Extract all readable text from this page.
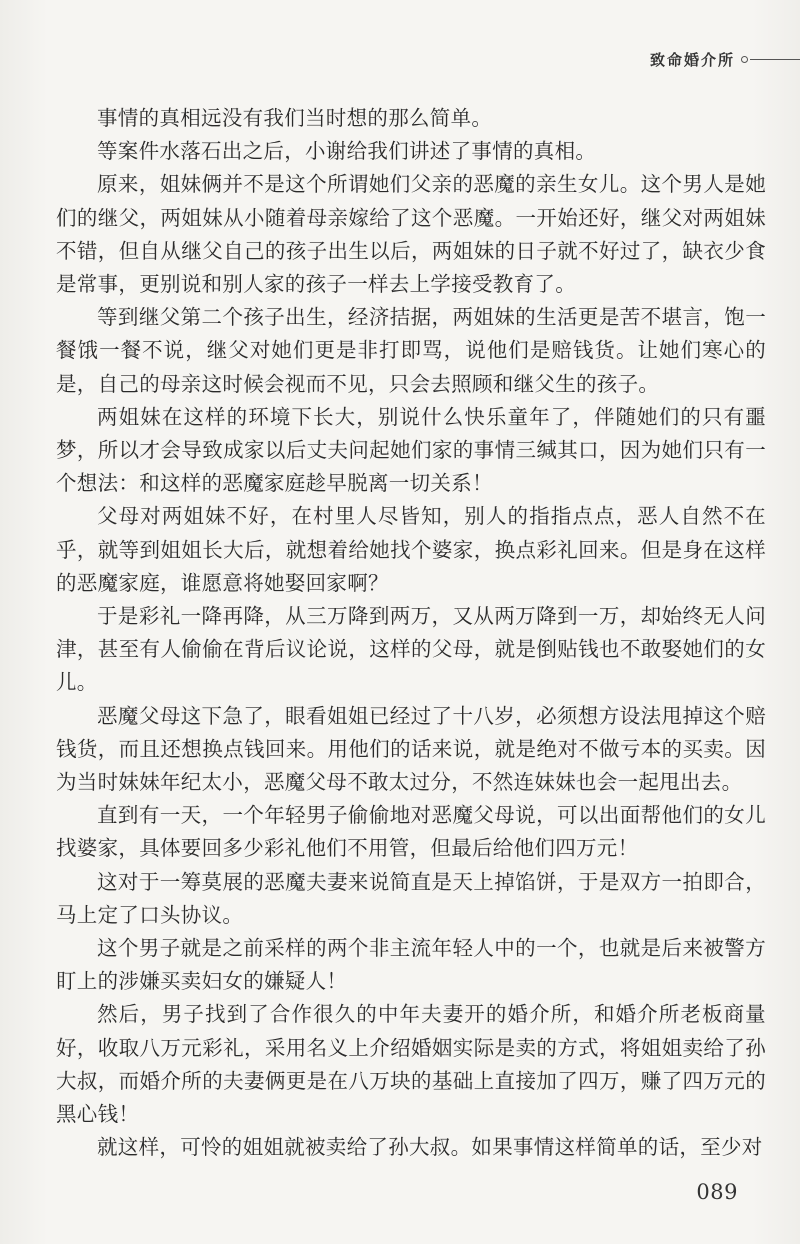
致命婚介所

事情的真相远没有我们当时想的那么简单。

等案件水落石出之后，小谢给我们讲述了事情的真相。

原来，姐妹俩并不是这个所谓她们父亲的恶魔的亲生女儿。这个男人是她们的继父，两姐妹从小随着母亲嫁给了这个恶魔。一开始还好，继父对两姐妹不错，但自从继父自己的孩子出生以后，两姐妹的日子就不好过了，缺衣少食是常事，更别说和别人家的孩子一样去上学接受教育了。

等到继父第二个孩子出生，经济拮据，两姐妹的生活更是苦不堪言，饱一餐饿一餐不说，继父对她们更是非打即骂，说他们是赔钱货。让她们寒心的是，自己的母亲这时候会视而不见，只会去照顾和继父生的孩子。

两姐妹在这样的环境下长大，别说什么快乐童年了，伴随她们的只有噩梦，所以才会导致成家以后丈夫问起她们家的事情三缄其口，因为她们只有一个想法：和这样的恶魔家庭趁早脱离一切关系！

父母对两姐妹不好，在村里人尽皆知，别人的指指点点，恶人自然不在乎，就等到姐姐长大后，就想着给她找个婆家，换点彩礼回来。但是身在这样的恶魔家庭，谁愿意将她娶回家啊？

于是彩礼一降再降，从三万降到两万，又从两万降到一万，却始终无人问津，甚至有人偷偷在背后议论说，这样的父母，就是倒贴钱也不敢娶她们的女儿。

恶魔父母这下急了，眼看姐姐已经过了十八岁，必须想方设法甩掉这个赔钱货，而且还想换点钱回来。用他们的话来说，就是绝对不做亏本的买卖。因为当时妹妹年纪太小，恶魔父母不敢太过分，不然连妹妹也会一起甩出去。

直到有一天，一个年轻男子偷偷地对恶魔父母说，可以出面帮他们的女儿找婆家，具体要回多少彩礼他们不用管，但最后给他们四万元！

这对于一筹莫展的恶魔夫妻来说简直是天上掉馅饼，于是双方一拍即合，马上定了口头协议。

这个男子就是之前采样的两个非主流年轻人中的一个，也就是后来被警方盯上的涉嫌买卖妇女的嫌疑人！

然后，男子找到了合作很久的中年夫妻开的婚介所，和婚介所老板商量好，收取八万元彩礼，采用名义上介绍婚姻实际是卖的方式，将姐姐卖给了孙大叔，而婚介所的夫妻俩更是在八万块的基础上直接加了四万，赚了四万元的黑心钱！

就这样，可怜的姐姐就被卖给了孙大叔。如果事情这样简单的话，至少对

089
